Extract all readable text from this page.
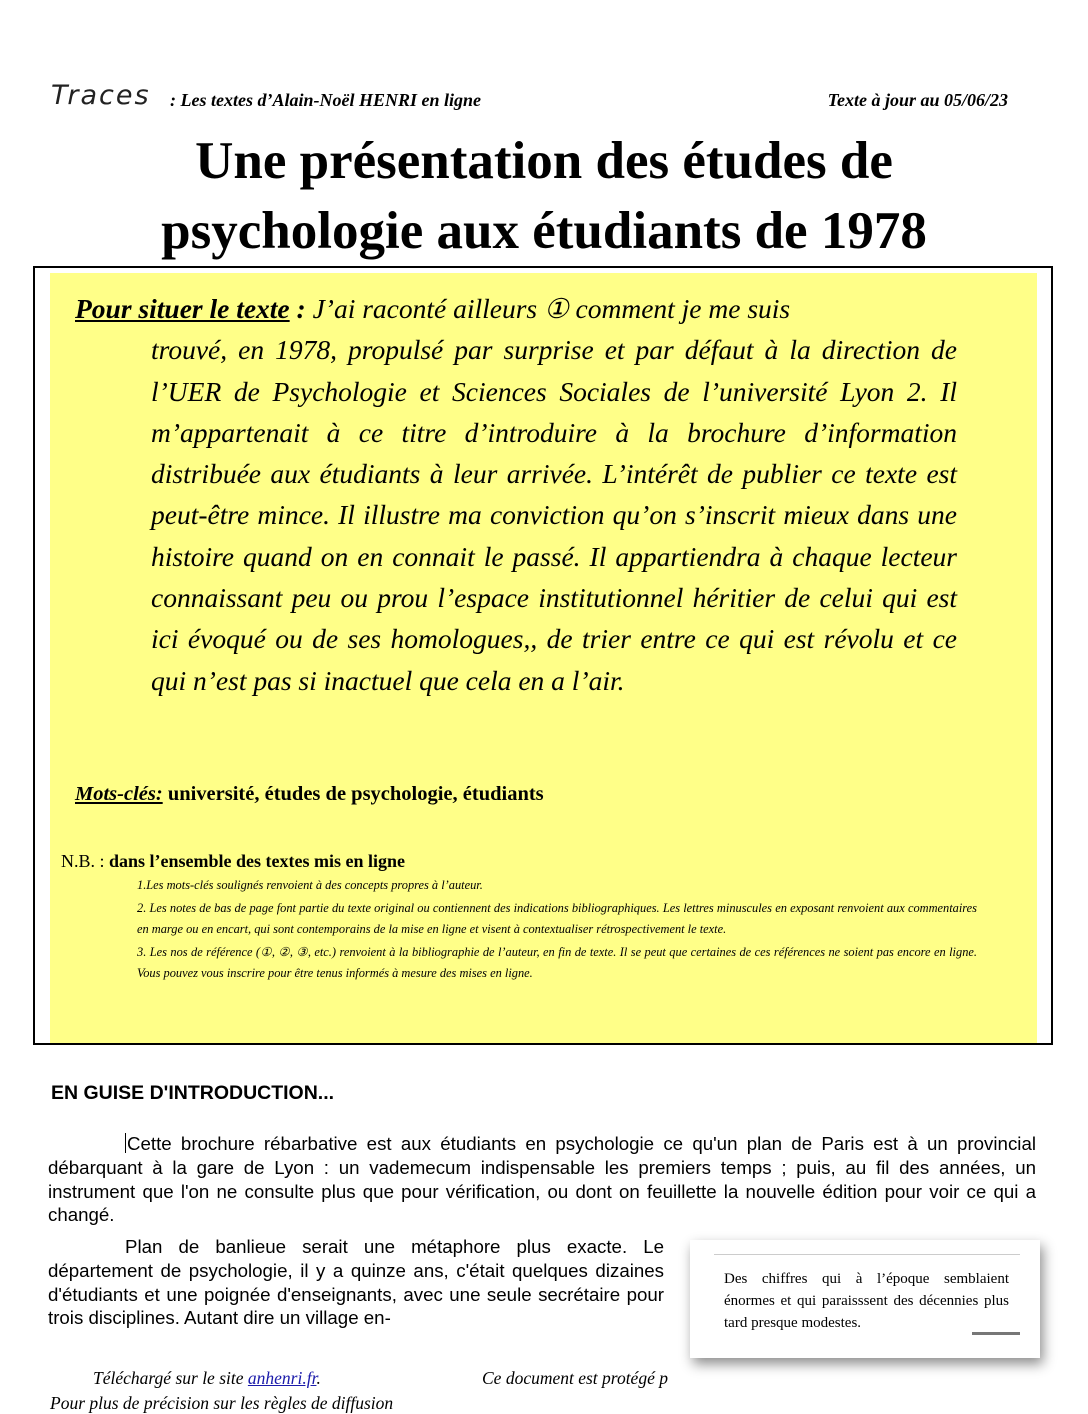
Traces : Les textes d’Alain-Noël HENRI en ligne	Texte à jour au 05/06/23
Une présentation des études de
psychologie aux étudiants de 1978
Pour situer le texte : J’ai raconté ailleurs ① comment je me suis
trouvé, en 1978, propulsé par surprise et par défaut à la direction de l’UER de Psychologie et Sciences Sociales de l’université Lyon 2. Il m’appartenait à ce titre d’introduire à la brochure d’information distribuée aux étudiants à leur arrivée. L’intérêt de publier ce texte est peut-être mince. Il illustre ma conviction qu’on s’inscrit mieux dans une histoire quand on en connait le passé. Il appartiendra à chaque lecteur connaissant peu ou prou l’espace institutionnel héritier de celui qui est ici évoqué ou de ses homologues,, de trier entre ce qui est révolu et ce qui n’est pas si inactuel que cela en a l’air.
Mots-clés: université, études de psychologie, étudiants
N.B. : dans l’ensemble des textes mis en ligne

1.Les mots-clés soulignés renvoient à des concepts propres à l’auteur.

2. Les notes de bas de page font partie du texte original ou contiennent des indications bibliographiques. Les lettres minuscules en exposant renvoient aux commentaires en marge ou en encart, qui sont contemporains de la mise en ligne et visent à contextualiser rétrospectivement le texte.

3. Les nos de référence (①, ②, ③, etc.) renvoient à la bibliographie de l’auteur, en fin de texte. Il se peut que certaines de ces références ne soient pas encore en ligne. Vous pouvez vous inscrire pour être tenus informés à mesure des mises en ligne.

EN GUISE D'INTRODUCTION...
Cette brochure rébarbative est aux étudiants en psychologie ce qu'un plan de Paris est à un provincial débarquant à la gare de Lyon : un vademecum indispensable les premiers temps ; puis, au fil des années, un instrument que l'on ne consulte plus que pour vérification, ou dont on feuillette la nouvelle édition pour voir ce qui a changé.
Plan de banlieue serait une métaphore plus exacte. Le département de psychologie, il y a quinze ans, c'était quelques dizaines d'étudiants et une poignée d'enseignants, avec une seule secrétaire pour trois disciplines. Autant dire un village en-
Téléchargé sur le site anhenri.fr.	Ce document est protégé p
Pour plus de précision sur les règles de diffusion
Des chiffres qui à l’époque semblaient énormes et qui paraisssent des décennies plus tard presque modestes.
